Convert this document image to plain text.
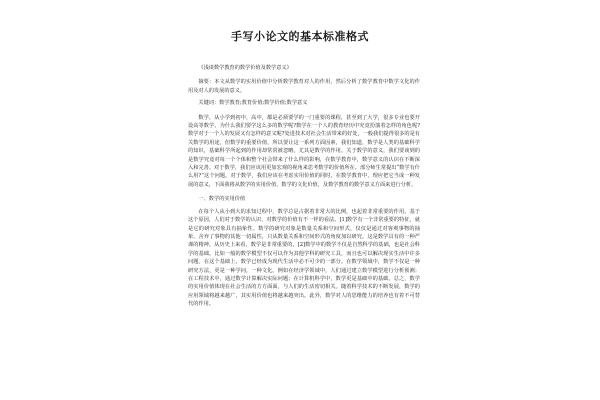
手写小论文的基本标准格式

《浅谈数学教育的数学价值及数学意义》

摘要：本文从数学的实用价值中分析数学教育对人的作用，然后分析了数学教育中数学文化的作用及对人的发展的意义。

关键词：数学教育;教育价值;数学价值;数学意义

数学，从小学到初中、高中，都是必须要学的一门重要的课程，甚至到了大学，很多专业也要开设高等数学。为什么我们要学这么多的数学呢?数学在一个人的教育经历中究竟扮演着怎样的角色呢?数学对于一个人的发展又有怎样的意义呢?处进技术对社会生活带来的好处，一般我们提得很多的是有关数学的用途，但数学的重要价值，所以要让这一系列方面因素，我们知道，数学是人类的基础科学的知识，基础科学所起到的作用却常常被忽略。尤其是数学的作用。关于数学的意义，我们要谈到的是数学究竟对每一个个体和整个社会带来了什么样的影响，在数学教育中，数学意义的认识在不断深入和完善。对于数学，我们应该用更加宏观的视角来思考数学的价值所在。部分师生常提出“数学有什么用?”这个问题，对于数学，我们应该在考虑实用价值的同时，在数学教育中，理应把它当成一种发展的意义，下面我将从数学的实用价值、数学的文化价值，及数学教育的数学意义方面来进行分析。

一、数学的实用价值

在每个人从小到大的求知过程中，数学总是占据着非常大的比例，也起着非常重要的作用。基于这个原因，人们对于数学的认识、对数学的价值有不一样的看法。[1]数学有一个非常重要的特征，就是它的研究对象具有抽象性。数学的研究对象是数量关系和空间形式，仅仅是通过对客观事物的抽象，舍弃了事物的其他一切属性，只从数量关系和空间形式的角度加以研究。这是数学具有的一种严谨的精神。从历史上来看，数学是非常重要的，[2]数学中的数学不仅是自然科学的基础，也是社会科学的基础。比如一般的数学模型不仅可以作为其他学科的研究工具，而且也可以解决现实生活中许多问题。在这个基础上，数学已经成为现代生活中必不可少的一部分。在数学领域中，数学不仅是一种研究方法，更是一种学问，一种文化。例如在经济学领域中，人们通过建立数学模型进行分析预测；在工程技术中，通过数学计算解决实际问题；在计算机科学中，数学更是基础中的基础。总之，数学的实用价值体现在社会生活的方方面面，与人们的生活密切相关。随着科学技术的不断发展，数学的应用领域将越来越广，其实用价值也将越来越突出。此外，数学对人的思维能力的培养也有着不可替代的作用。
